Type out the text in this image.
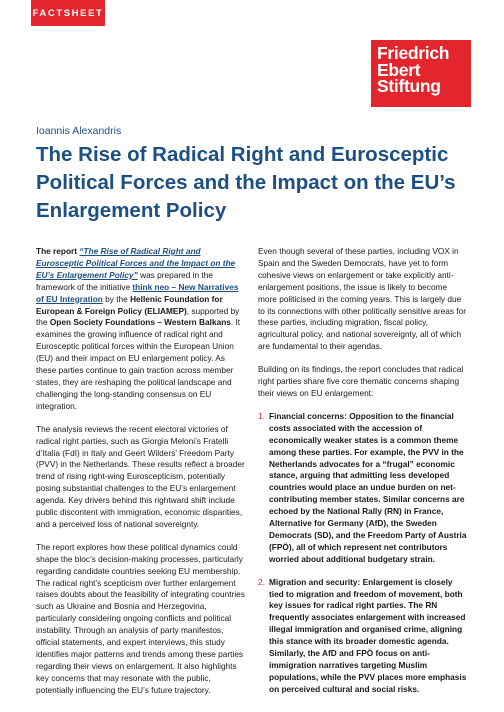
FACTSHEET
Friedrich
Ebert
Stiftung
Ioannis Alexandris
The Rise of Radical Right and Eurosceptic Political Forces and the Impact on the EU’s Enlargement Policy

The report “The Rise of Radical Right and Eurosceptic Political Forces and the Impact on the EU’s Enlargement Policy” was prepared in the framework of the initiative think neo – New Narratives of EU Integration by the Hellenic Foundation for European & Foreign Policy (ELIAMEP), supported by the Open Society Foundations – Western Balkans. It examines the growing influence of radical right and Eurosceptic political forces within the European Union (EU) and their impact on EU enlargement policy. As these parties continue to gain traction across member states, they are reshaping the political landscape and challenging the long-standing consensus on EU integration.

The analysis reviews the recent electoral victories of radical right parties, such as Giorgia Meloni’s Fratelli d’Italia (FdI) in Italy and Geert Wilders’ Freedom Party (PVV) in the Netherlands. These results reflect a broader trend of rising right-wing Euroscepticism, potentially posing substantial challenges to the EU’s enlargement agenda. Key drivers behind this rightward shift include public discontent with immigration, economic disparities, and a perceived loss of national sovereignty.

The report explores how these political dynamics could shape the bloc’s decision-making processes, particularly regarding candidate countries seeking EU membership. The radical right’s scepticism over further enlargement raises doubts about the feasibility of integrating countries such as Ukraine and Bosnia and Herzegovina, particularly considering ongoing conflicts and political instability. Through an analysis of party manifestos, official statements, and expert interviews, this study identifies major patterns and trends among these parties regarding their views on enlargement. It also highlights key concerns that may resonate with the public, potentially influencing the EU’s future trajectory.

Even though several of these parties, including VOX in Spain and the Sweden Democrats, have yet to form cohesive views on enlargement or take explicitly anti-enlargement positions, the issue is likely to become more politicised in the coming years. This is largely due to its connections with other politically sensitive areas for these parties, including migration, fiscal policy, agricultural policy, and national sovereignty, all of which are fundamental to their agendas.

Building on its findings, the report concludes that radical right parties share five core thematic concerns shaping their views on EU enlargement:

1. Financial concerns: Opposition to the financial costs associated with the accession of economically weaker states is a common theme among these parties. For example, the PVV in the Netherlands advocates for a “frugal” economic stance, arguing that admitting less developed countries would place an undue burden on net-contributing member states. Similar concerns are echoed by the National Rally (RN) in France, Alternative for Germany (AfD), the Sweden Democrats (SD), and the Freedom Party of Austria (FPÖ), all of which represent net contributors worried about additional budgetary strain.
2. Migration and security: Enlargement is closely tied to migration and freedom of movement, both key issues for radical right parties. The RN frequently associates enlargement with increased illegal immigration and organised crime, aligning this stance with its broader domestic agenda. Similarly, the AfD and FPÖ focus on anti-immigration narratives targeting Muslim populations, while the PVV places more emphasis on perceived cultural and social risks.
